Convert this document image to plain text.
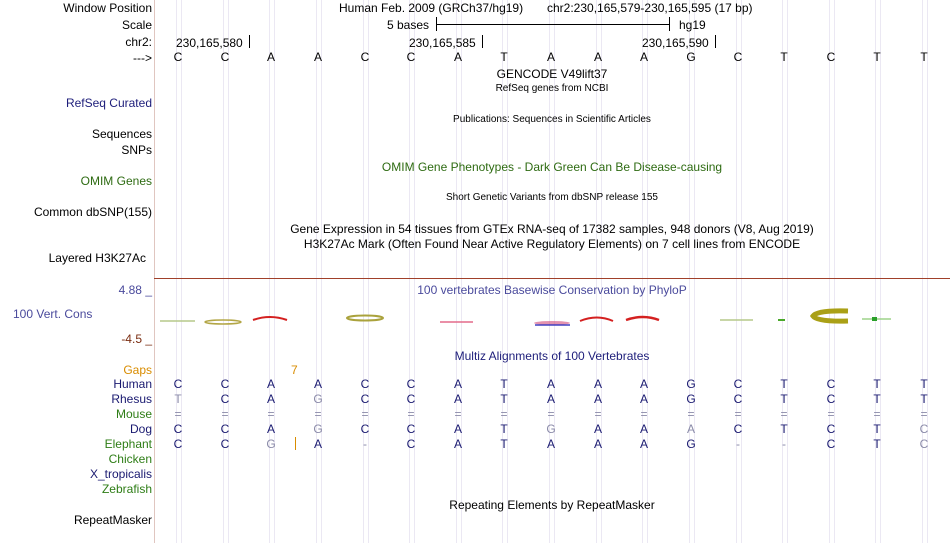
Window Position
Scale
chr2:
--->
Human Feb. 2009 (GRCh37/hg19) chr2:230,165,579-230,165,595 (17 bp)
5 bases	hg19
230,165,580	230,165,585	230,165,590
C	C	A	A	C	C	A	T	A	A	A	G	C	T	C	T	T
GENCODE V49lift37
RefSeq genes from NCBI
RefSeq Curated
Publications: Sequences in Scientific Articles
Sequences
SNPs
OMIM Gene Phenotypes - Dark Green Can Be Disease-causing
OMIM Genes
Short Genetic Variants from dbSNP release 155
Common dbSNP(155)
Gene Expression in 54 tissues from GTEx RNA-seq of 17382 samples, 948 donors (V8, Aug 2019)
H3K27Ac Mark (Often Found Near Active Regulatory Elements) on 7 cell lines from ENCODE
Layered H3K27Ac
4.88 _	100 vertebrates Basewise Conservation by PhyloP
100 Vert. Cons
-4.5 _
Multiz Alignments of 100 Vertebrates
Gaps	7
Human C	C	A	A	C	C	A	T	A	A	A	G	C	T	C	T	T
Rhesus T	C	A	G	C	C	A	T	A	A	A	G	C	T	C	T	T
Mouse =	=	=	=	=	=	=	=	=	=	=	=	=	=	=	=	=
Dog C	C	A	G	C	C	A	T	G	A	A	A	C	T	C	T	C
Elephant C	C	G	A	-	C	A	T	A	A	A	G	-	-	C	T	C
Chicken
X_tropicalis
Zebrafish
Repeating Elements by RepeatMasker
RepeatMasker
